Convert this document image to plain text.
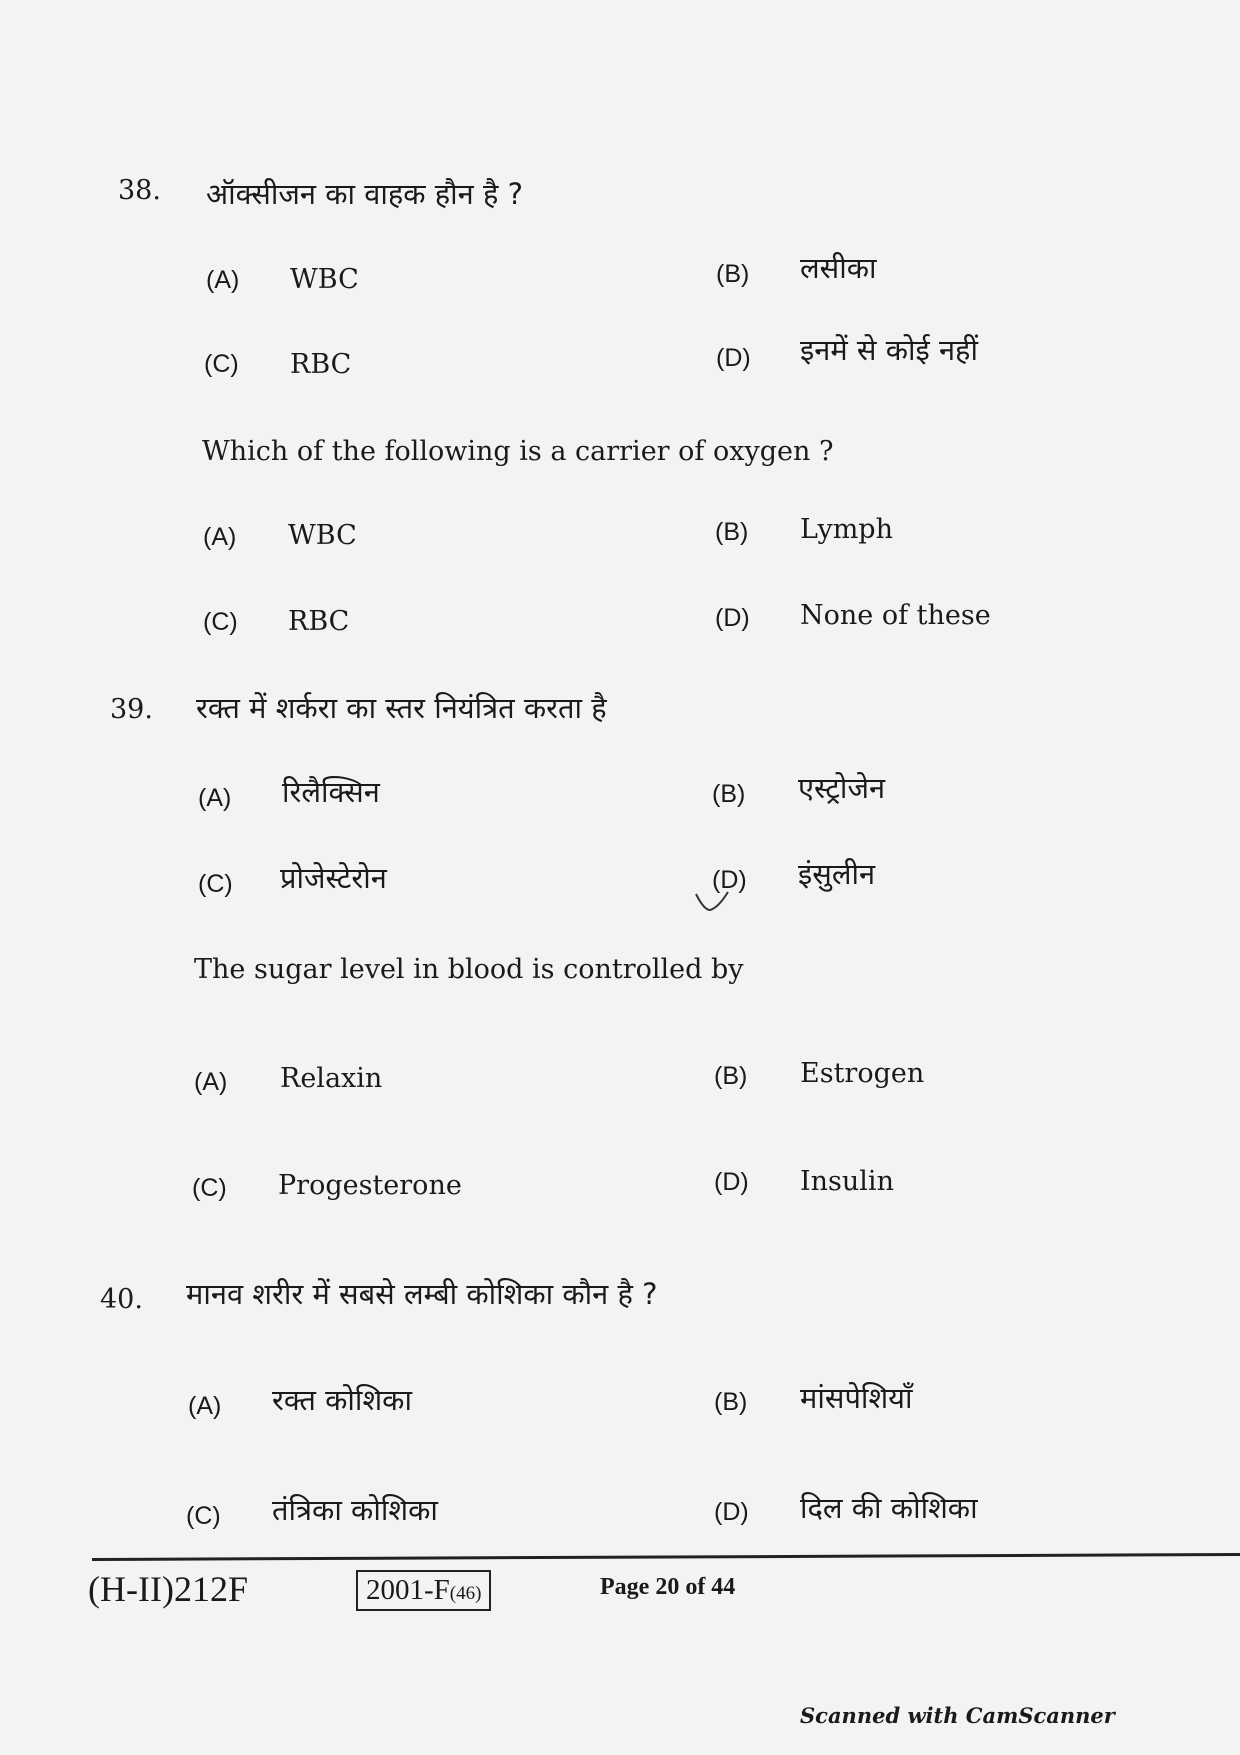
38. ऑक्सीजन का वाहक हौन है ?
(A) WBC	(B) लसीका
(C) RBC	(D) इनमें से कोई नहीं
Which of the following is a carrier of oxygen ?
(A) WBC	(B) Lymph
(C) RBC	(D) None of these
39. रक्त में शर्करा का स्तर नियंत्रित करता है
(A) रिलैक्सिन	(B) एस्ट्रोजेन
(C) प्रोजेस्टेरोन	(D) इंसुलीन
The sugar level in blood is controlled by
(A) Relaxin	(B) Estrogen
(C) Progesterone	(D) Insulin
40. मानव शरीर में सबसे लम्बी कोशिका कौन है ?
(A) रक्त कोशिका	(B) मांसपेशियाँ
(C) तंत्रिका कोशिका	(D) दिल की कोशिका
(H-II)212F	2001-F(46)	Page 20 of 44
Scanned with CamScanner
